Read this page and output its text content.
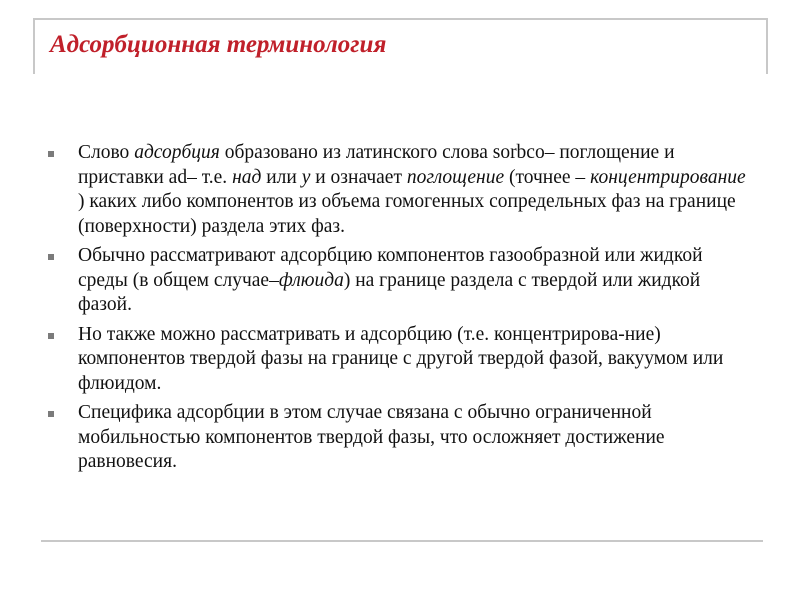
Адсорбционная терминология
Слово адсорбция образовано из латинского слова sorbco– поглощение и приставки ad– т.е. над или у и означает поглощение (точнее – концентрирование ) каких либо компонентов из объема гомогенных сопредельных фаз на границе (поверхности) раздела этих фаз.
Обычно рассматривают адсорбцию компонентов газообразной или жидкой среды (в общем случае–флюида) на границе раздела с твердой или жидкой фазой.
Но также можно рассматривать и адсорбцию (т.е. концентрирова-ние) компонентов твердой фазы на границе с другой твердой фазой, вакуумом или флюидом.
Специфика адсорбции в этом случае связана с обычно ограниченной мобильностью компонентов твердой фазы, что осложняет достижение равновесия.
